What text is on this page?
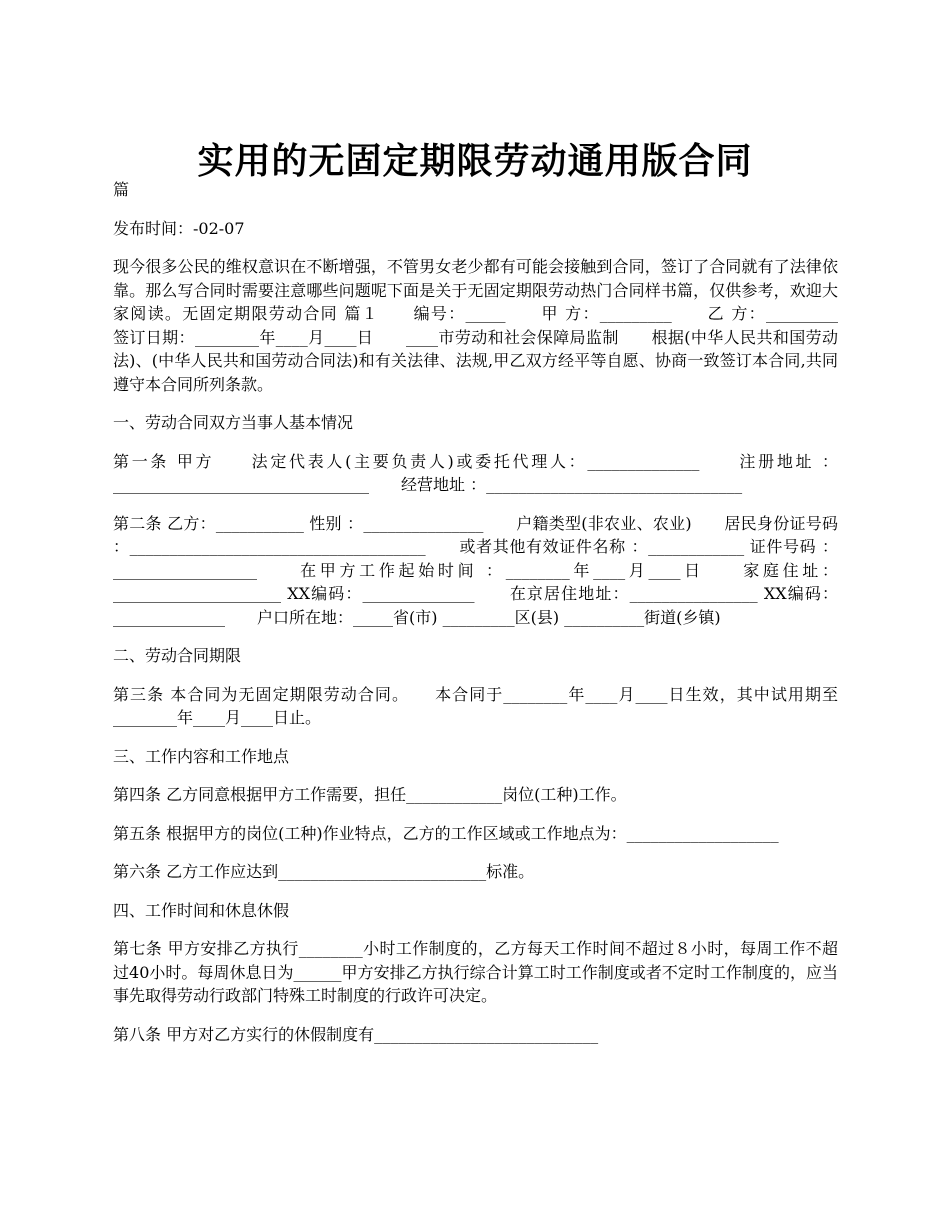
实用的无固定期限劳动通用版合同

篇

发布时间：-02-07

现今很多公民的维权意识在不断增强，不管男女老少都有可能会接触到合同，签订了合同就有了法律依靠。那么写合同时需要注意哪些问题呢下面是关于无固定期限劳动热门合同样书篇，仅供参考，欢迎大家阅读。无固定期限劳动合同 篇１　　编号：_____　　甲 方：_________　　乙 方：_________　　签订日期：________年____月____日　　____市劳动和社会保障局监制　　根据(中华人民共和国劳动法)、(中华人民共和国劳动合同法)和有关法律、法规,甲乙双方经平等自愿、协商一致签订本合同,共同遵守本合同所列条款。

一、劳动合同双方当事人基本情况

第一条 甲方　　法定代表人(主要负责人)或委托代理人：______________　　注册地址 ：________________________________　　经营地址 ：________________________________

第二条 乙方：___________ 性别 ：_______________　　户籍类型(非农业、农业)　　居民身份证号码 ：_____________________________________　　或者其他有效证件名称 ：____________ 证件号码 ：__________________　　在甲方工作起始时间 ：________年____月____日　　家庭住址：_____________________ XX编码：______________　　在京居住地址：________________ XX编码：______________　　户口所在地：_____省(市) _________区(县) __________街道(乡镇)

二、劳动合同期限

第三条 本合同为无固定期限劳动合同。　　本合同于________年____月____日生效，其中试用期至________年____月____日止。

三、工作内容和工作地点

第四条 乙方同意根据甲方工作需要，担任____________岗位(工种)工作。

第五条 根据甲方的岗位(工种)作业特点，乙方的工作区域或工作地点为：___________________

第六条 乙方工作应达到__________________________标准。

四、工作时间和休息休假

第七条 甲方安排乙方执行________小时工作制度的，乙方每天工作时间不超过８小时，每周工作不超过40小时。每周休息日为______甲方安排乙方执行综合计算工时工作制度或者不定时工作制度的，应当事先取得劳动行政部门特殊工时制度的行政许可决定。

第八条 甲方对乙方实行的休假制度有____________________________
